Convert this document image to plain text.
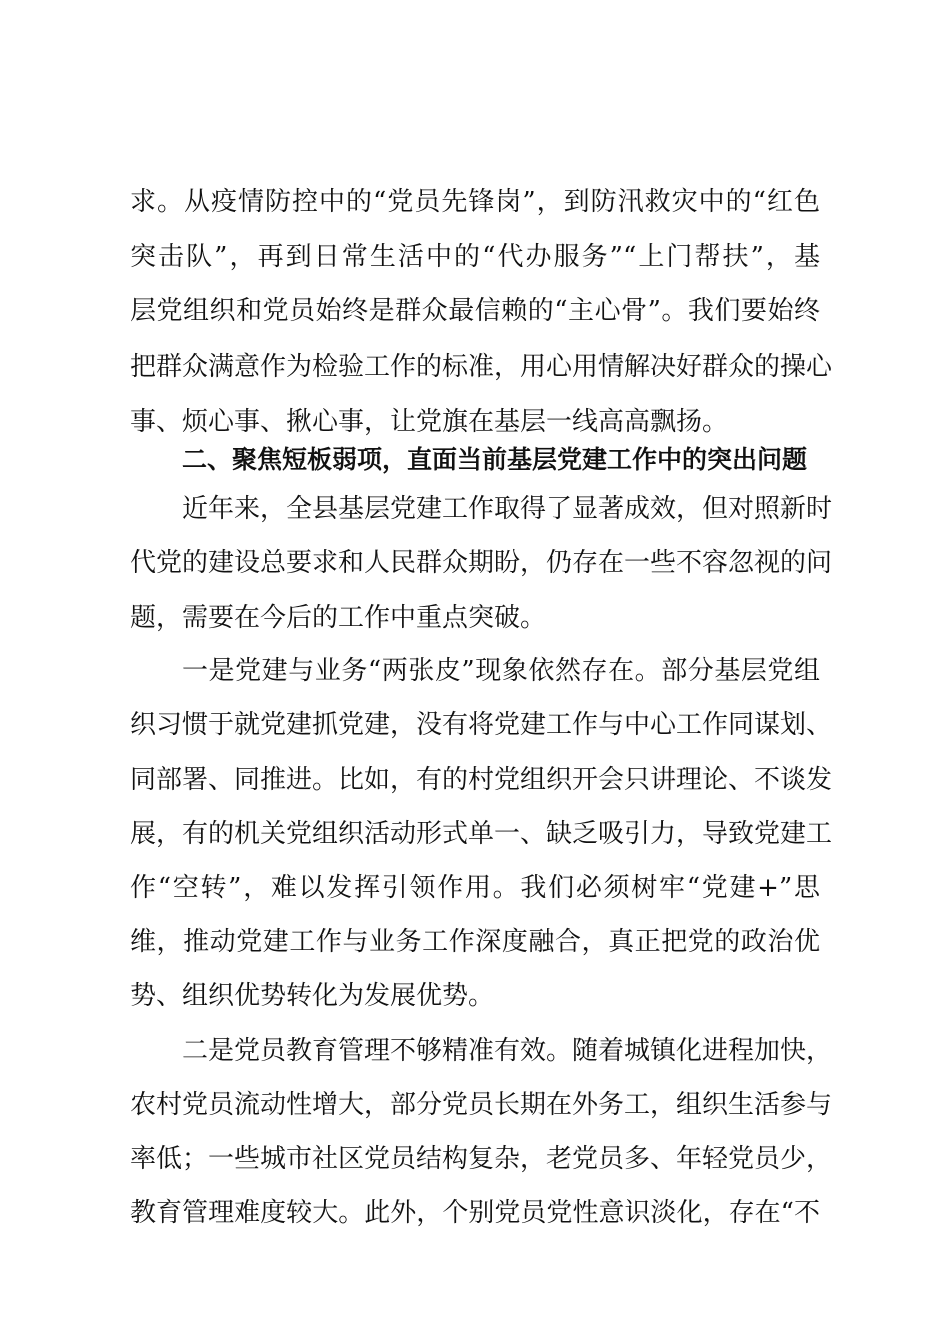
求。从疫情防控中的“党员先锋岗”，到防汛救灾中的“红色
突击队”，再到日常生活中的“代办服务”“上门帮扶”，基
层党组织和党员始终是群众最信赖的“主心骨”。我们要始终
把群众满意作为检验工作的标准，用心用情解决好群众的操心
事、烦心事、揪心事，让党旗在基层一线高高飘扬。
二、聚焦短板弱项，直面当前基层党建工作中的突出问题
近年来，全县基层党建工作取得了显著成效，但对照新时
代党的建设总要求和人民群众期盼，仍存在一些不容忽视的问
题，需要在今后的工作中重点突破。
一是党建与业务“两张皮”现象依然存在。部分基层党组
织习惯于就党建抓党建，没有将党建工作与中心工作同谋划、
同部署、同推进。比如，有的村党组织开会只讲理论、不谈发
展，有的机关党组织活动形式单一、缺乏吸引力，导致党建工
作“空转”，难以发挥引领作用。我们必须树牢“党建+”思
维，推动党建工作与业务工作深度融合，真正把党的政治优
势、组织优势转化为发展优势。
二是党员教育管理不够精准有效。随着城镇化进程加快，
农村党员流动性增大，部分党员长期在外务工，组织生活参与
率低；一些城市社区党员结构复杂，老党员多、年轻党员少，
教育管理难度较大。此外，个别党员党性意识淡化，存在“不
